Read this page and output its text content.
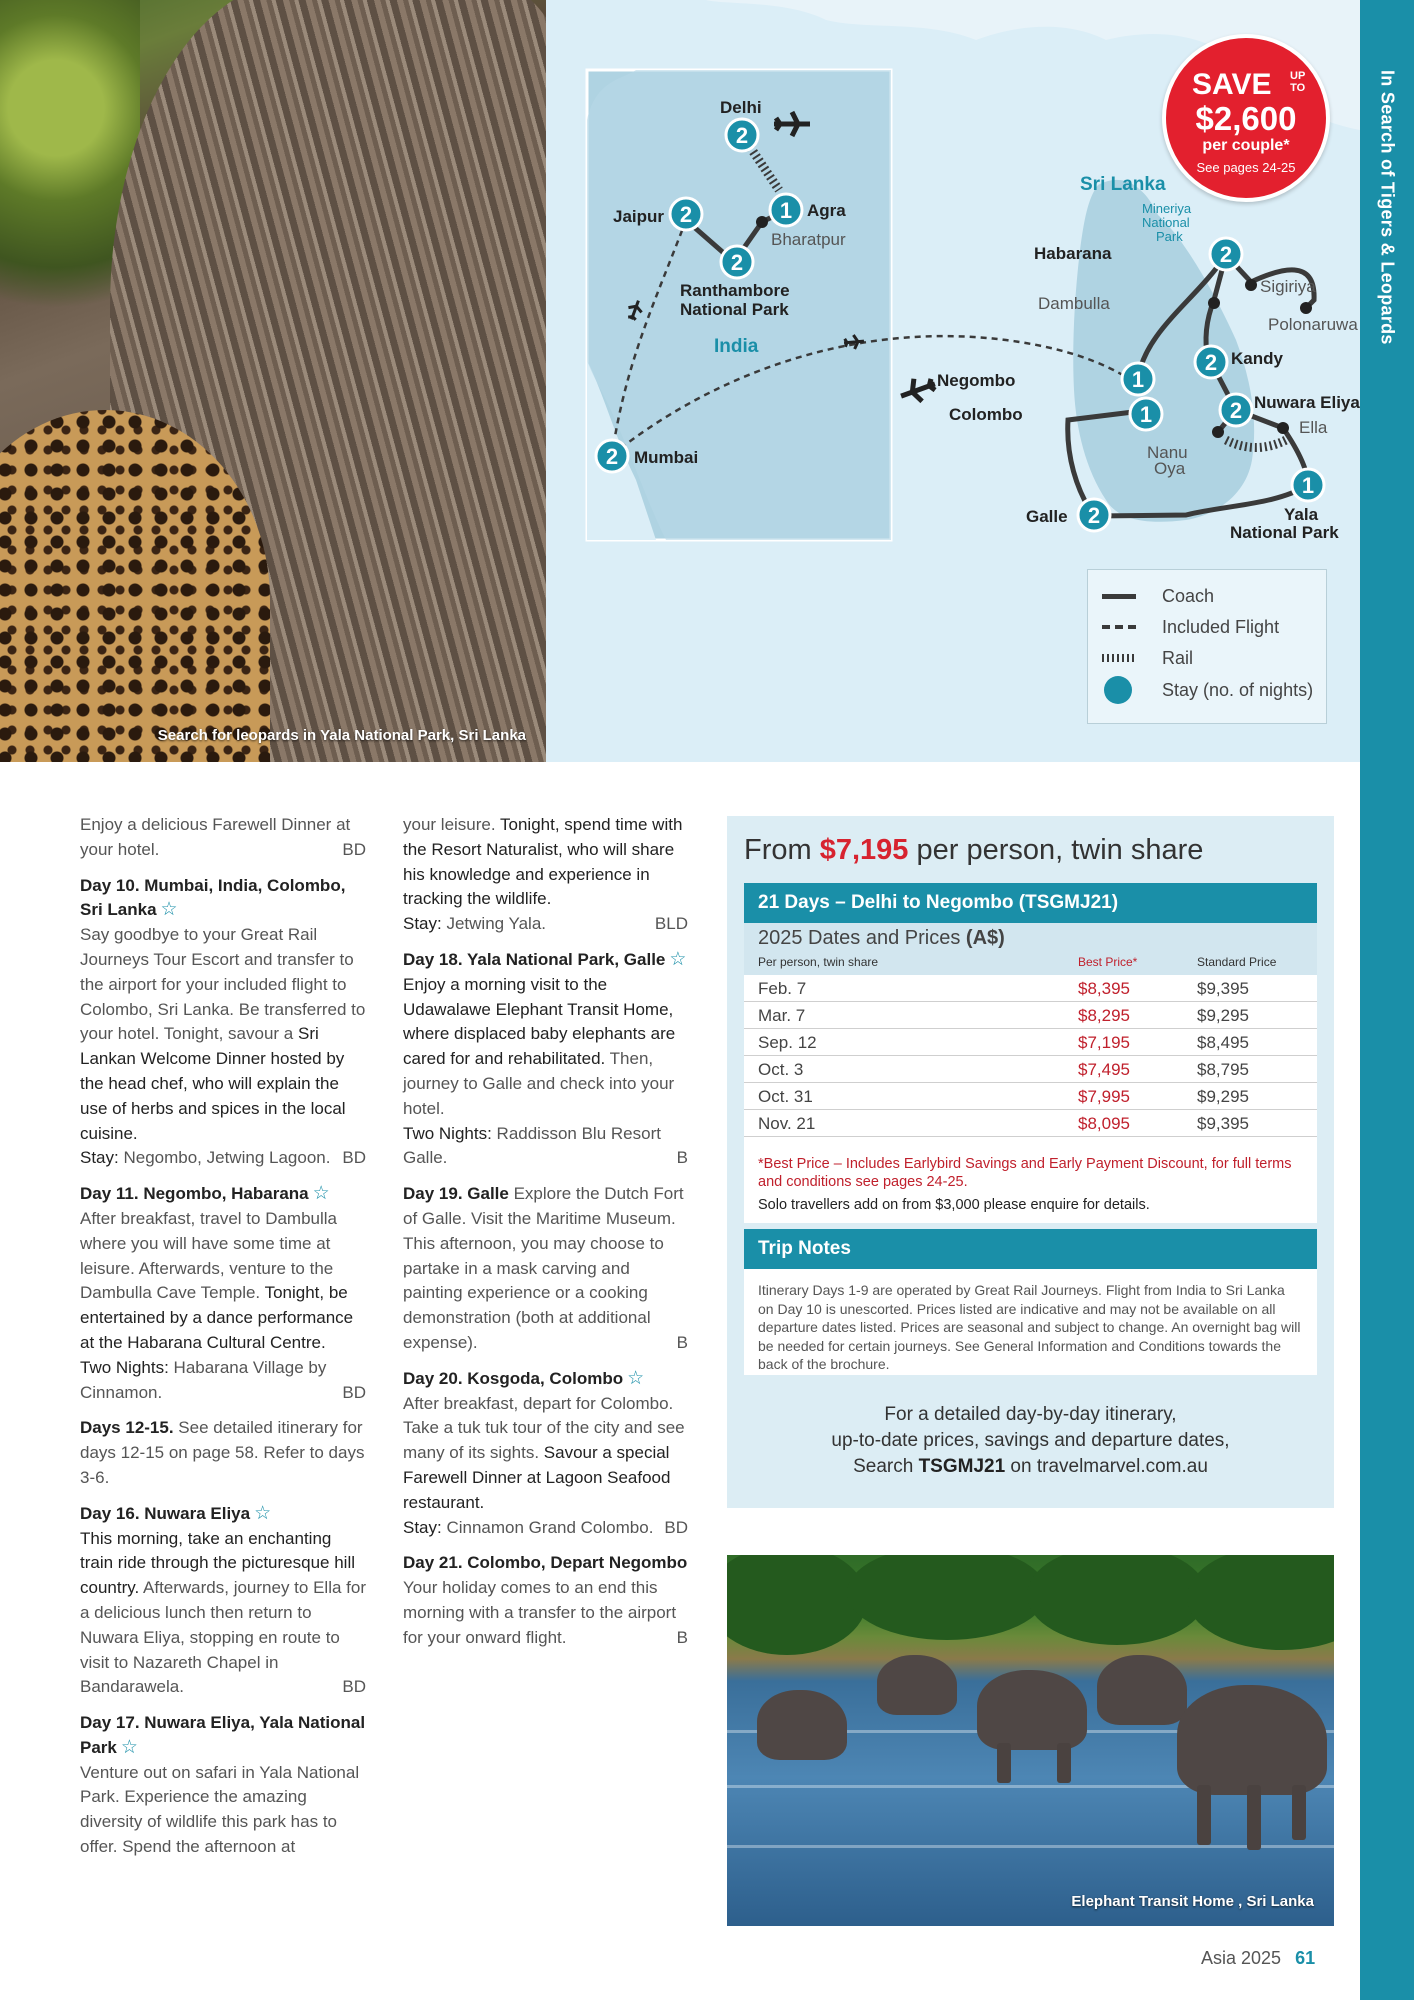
Search for leopards in Yala National Park, Sri Lanka
2
1
2
2
2
2
2
1
1	2
1
2
Delhi
Agra
Jaipur
Ranthambore
National Park
Mumbai
Habarana
Kandy
Negombo
Colombo
Nuwara Eliya
Galle	Yala
National Park
Bharatpur
Sigiriya
Dambulla
Polonaruwa
Ella
Nanu
Oya
India
Sri Lanka
Mineriya
National
Park
Coach
Included Flight
Rail
Stay (no. of nights)
SAVE UP
TO
$2,600
per couple*
See pages 24-25	In Search of Tigers & Leopards

Enjoy a delicious Farewell Dinner at your hotel.	BD

Day 10. Mumbai, India, Colombo, Sri Lanka ☆
Say goodbye to your Great Rail Journeys Tour Escort and transfer to the airport for your included flight to Colombo, Sri Lanka. Be transferred to your hotel. Tonight, savour a Sri Lankan Welcome Dinner hosted by the head chef, who will explain the use of herbs and spices in the local cuisine.
Stay: Negombo, Jetwing Lagoon. BD

Day 11. Negombo, Habarana ☆
After breakfast, travel to Dambulla where you will have some time at leisure. Afterwards, venture to the Dambulla Cave Temple. Tonight, be entertained by a dance performance at the Habarana Cultural Centre.
Two Nights: Habarana Village by Cinnamon.	BD

Days 12-15. See detailed itinerary for days 12-15 on page 58. Refer to days 3-6.

Day 16. Nuwara Eliya ☆
This morning, take an enchanting train ride through the picturesque hill country. Afterwards, journey to Ella for a delicious lunch then return to Nuwara Eliya, stopping en route to visit to Nazareth Chapel in Bandarawela.	BD

Day 17. Nuwara Eliya, Yala National Park ☆
Venture out on safari in Yala National Park. Experience the amazing diversity of wildlife this park has to offer. Spend the afternoon at

your leisure. Tonight, spend time with the Resort Naturalist, who will share his knowledge and experience in tracking the wildlife.
Stay: Jetwing Yala.	BLD

Day 18. Yala National Park, Galle ☆
Enjoy a morning visit to the Udawalawe Elephant Transit Home, where displaced baby elephants are cared for and rehabilitated. Then, journey to Galle and check into your hotel.
Two Nights: Raddisson Blu Resort Galle.	B

Day 19. Galle Explore the Dutch Fort of Galle. Visit the Maritime Museum. This afternoon, you may choose to partake in a mask carving and painting experience or a cooking demonstration (both at additional expense).	B

Day 20. Kosgoda, Colombo ☆
After breakfast, depart for Colombo. Take a tuk tuk tour of the city and see many of its sights. Savour a special Farewell Dinner at Lagoon Seafood restaurant.
Stay: Cinnamon Grand Colombo. BD

Day 21. Colombo, Depart Negombo
Your holiday comes to an end this morning with a transfer to the airport for your onward flight.	B

From $7,195 per person, twin share
21 Days – Delhi to Negombo (TSGMJ21)
2025 Dates and Prices (A$)
Per person, twin share	Best Price*	Standard Price
Feb. 7	$8,395	$9,395
Mar. 7	$8,295	$9,295
Sep. 12	$7,195	$8,495
Oct. 3	$7,495	$8,795
Oct. 31	$7,995	$9,295
Nov. 21	$8,095	$9,395
*Best Price – Includes Earlybird Savings and Early Payment Discount, for full terms and conditions see pages 24-25.
Solo travellers add on from $3,000 please enquire for details.
Trip Notes
Itinerary Days 1-9 are operated by Great Rail Journeys. Flight from India to Sri Lanka on Day 10 is unescorted. Prices listed are indicative and may not be available on all departure dates listed. Prices are seasonal and subject to change. An overnight bag will be needed for certain journeys. See General Information and Conditions towards the back of the brochure.
For a detailed day-by-day itinerary,
up-to-date prices, savings and departure dates,
Search TSGMJ21 on travelmarvel.com.au
Elephant Transit Home , Sri Lanka
Asia 2025 61
